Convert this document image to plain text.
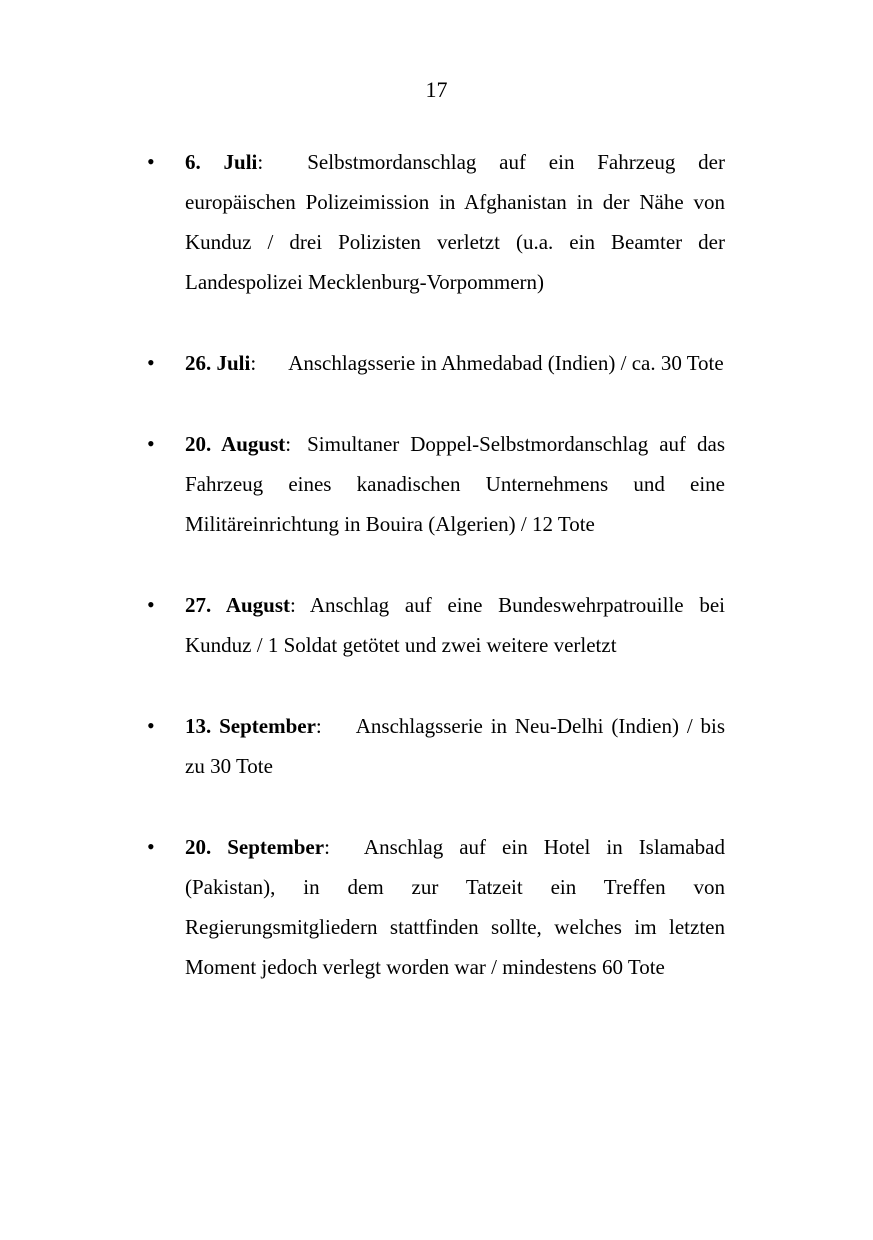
17
• 6. Juli: Selbstmordanschlag auf ein Fahrzeug der europäischen Polizeimission in Afghanistan in der Nähe von Kunduz / drei Polizisten verletzt (u.a. ein Beamter der Landespolizei Mecklenburg-Vorpommern)
• 26. Juli: Anschlagsserie in Ahmedabad (Indien) / ca. 30 Tote
• 20. August: Simultaner Doppel-Selbstmordanschlag auf das Fahrzeug eines kanadischen Unternehmens und eine Militäreinrichtung in Bouira (Algerien) / 12 Tote
• 27. August: Anschlag auf eine Bundeswehrpatrouille bei Kunduz / 1 Soldat getötet und zwei weitere verletzt
• 13. September: Anschlagsserie in Neu-Delhi (Indien) / bis zu 30 Tote
• 20. September: Anschlag auf ein Hotel in Islamabad (Pakistan), in dem zur Tatzeit ein Treffen von Regierungsmitgliedern stattfinden sollte, welches im letzten Moment jedoch verlegt worden war / mindestens 60 Tote
